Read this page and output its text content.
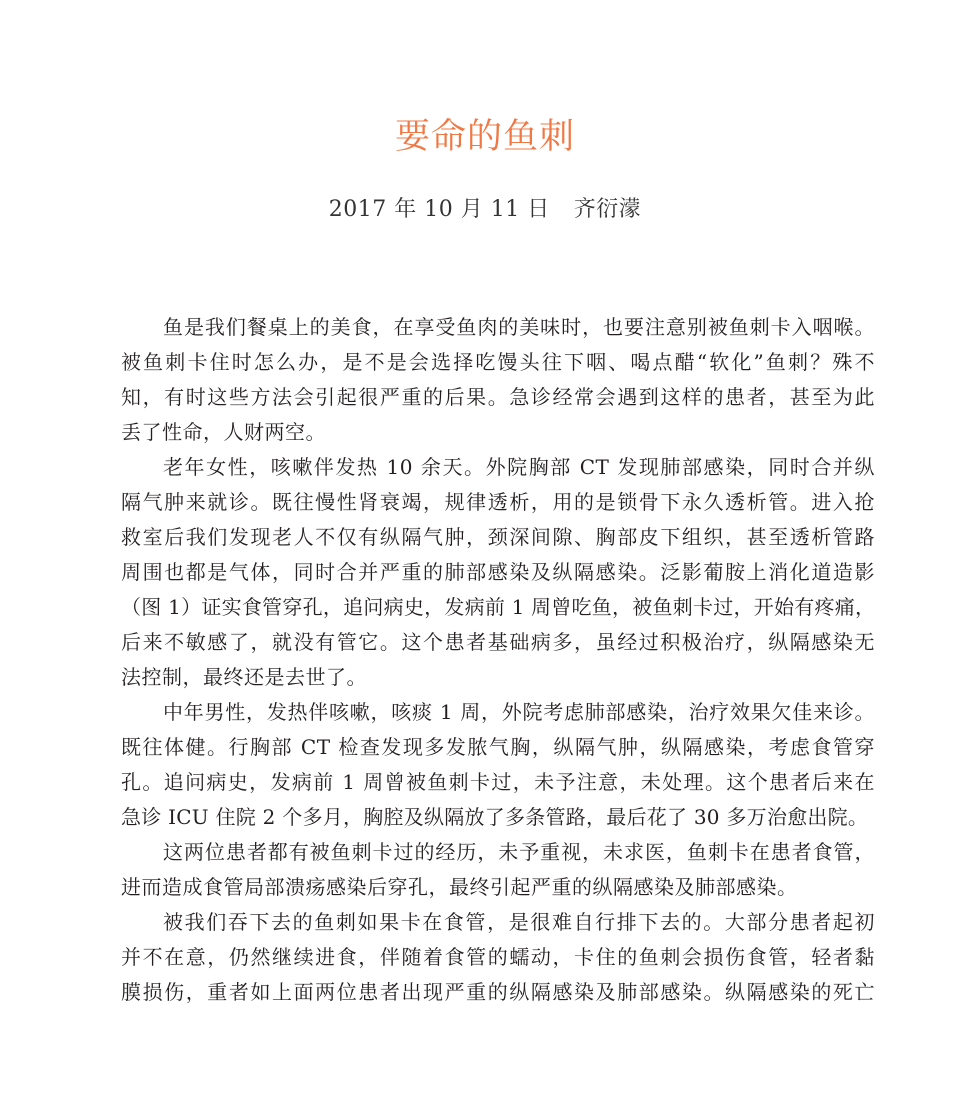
要命的鱼刺
2017 年 10 月 11 日 齐衍濛

鱼是我们餐桌上的美食，在享受鱼肉的美味时，也要注意别被鱼刺卡入咽喉。
被鱼刺卡住时怎么办，是不是会选择吃馒头往下咽、喝点醋“软化”鱼刺？殊不
知，有时这些方法会引起很严重的后果。急诊经常会遇到这样的患者，甚至为此
丢了性命，人财两空。

老年女性，咳嗽伴发热 10 余天。外院胸部 CT 发现肺部感染，同时合并纵
隔气肿来就诊。既往慢性肾衰竭，规律透析，用的是锁骨下永久透析管。进入抢
救室后我们发现老人不仅有纵隔气肿，颈深间隙、胸部皮下组织，甚至透析管路
周围也都是气体，同时合并严重的肺部感染及纵隔感染。泛影葡胺上消化道造影
（图 1）证实食管穿孔，追问病史，发病前 1 周曾吃鱼，被鱼刺卡过，开始有疼痛，
后来不敏感了，就没有管它。这个患者基础病多，虽经过积极治疗，纵隔感染无
法控制，最终还是去世了。

中年男性，发热伴咳嗽，咳痰 1 周，外院考虑肺部感染，治疗效果欠佳来诊。
既往体健。行胸部 CT 检查发现多发脓气胸，纵隔气肿，纵隔感染，考虑食管穿
孔。追问病史，发病前 1 周曾被鱼刺卡过，未予注意，未处理。这个患者后来在
急诊 ICU 住院 2 个多月，胸腔及纵隔放了多条管路，最后花了 30 多万治愈出院。

这两位患者都有被鱼刺卡过的经历，未予重视，未求医，鱼刺卡在患者食管，
进而造成食管局部溃疡感染后穿孔，最终引起严重的纵隔感染及肺部感染。

被我们吞下去的鱼刺如果卡在食管，是很难自行排下去的。大部分患者起初
并不在意，仍然继续进食，伴随着食管的蠕动，卡住的鱼刺会损伤食管，轻者黏
膜损伤，重者如上面两位患者出现严重的纵隔感染及肺部感染。纵隔感染的死亡
